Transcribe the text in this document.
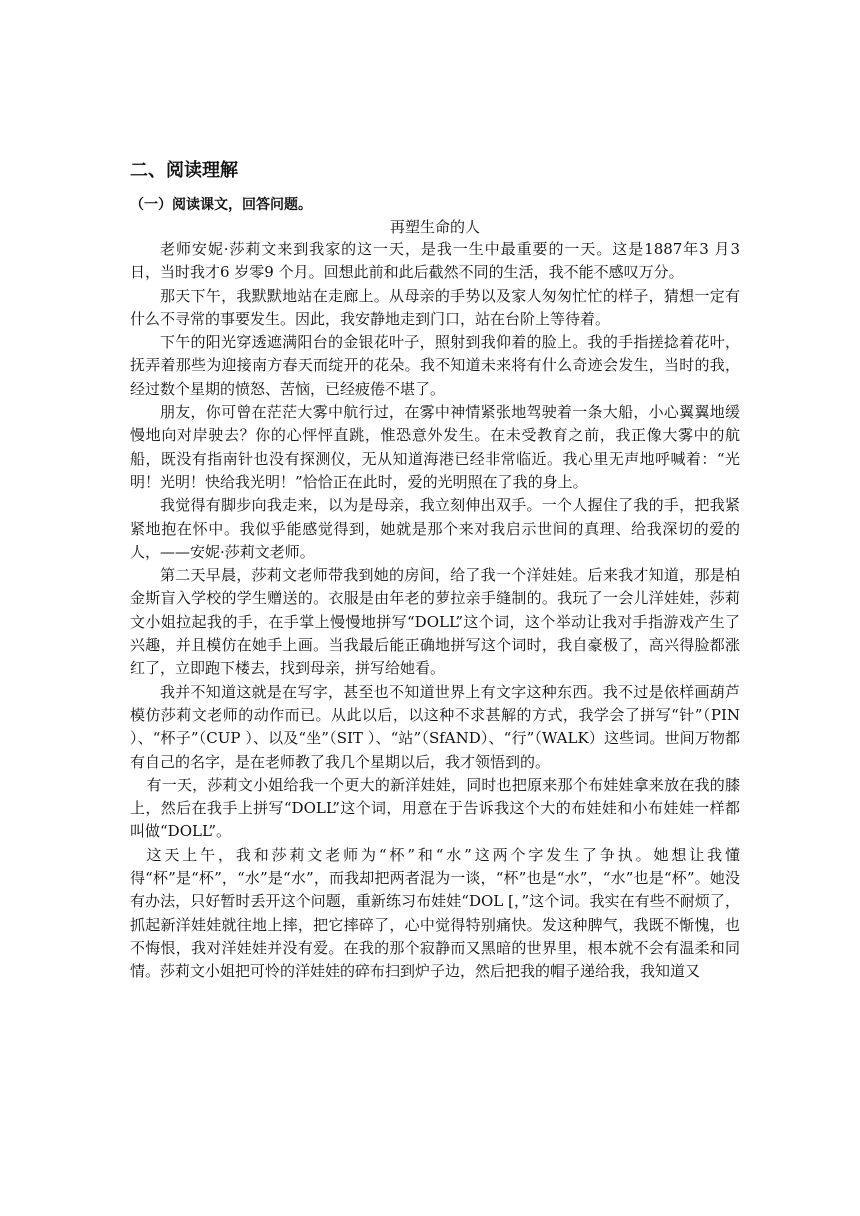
二、阅读理解

（一）阅读课文，回答问题。

再塑生命的人

老师安妮·莎莉文来到我家的这一天，是我一生中最重要的一天。这是1887年3 月3 日，当时我才6 岁零9 个月。回想此前和此后截然不同的生活，我不能不感叹万分。

那天下午，我默默地站在走廊上。从母亲的手势以及家人匆匆忙忙的样子，猜想一定有什么不寻常的事要发生。因此，我安静地走到门口，站在台阶上等待着。

下午的阳光穿透遮满阳台的金银花叶子，照射到我仰着的脸上。我的手指搓捻着花叶，抚弄着那些为迎接南方春天而绽开的花朵。我不知道未来将有什么奇迹会发生，当时的我，经过数个星期的愤怒、苦恼，已经疲倦不堪了。

朋友，你可曾在茫茫大雾中航行过，在雾中神情紧张地驾驶着一条大船，小心翼翼地缓慢地向对岸驶去？你的心怦怦直跳，惟恐意外发生。在未受教育之前，我正像大雾中的航船，既没有指南针也没有探测仪，无从知道海港已经非常临近。我心里无声地呼喊着：“光明！光明！快给我光明！”恰恰正在此时，爱的光明照在了我的身上。

我觉得有脚步向我走来，以为是母亲，我立刻伸出双手。一个人握住了我的手，把我紧紧地抱在怀中。我似乎能感觉得到，她就是那个来对我启示世间的真理、给我深切的爱的人，——安妮·莎莉文老师。

第二天早晨，莎莉文老师带我到她的房间，给了我一个洋娃娃。后来我才知道，那是柏金斯盲入学校的学生赠送的。衣服是由年老的萝拉亲手缝制的。我玩了一会儿洋娃娃，莎莉文小姐拉起我的手，在手掌上慢慢地拼写“DOLL”这个词，这个举动让我对手指游戏产生了兴趣，并且模仿在她手上画。当我最后能正确地拼写这个词时，我自豪极了，高兴得脸都涨红了，立即跑下楼去，找到母亲，拼写给她看。

我并不知道这就是在写字，甚至也不知道世界上有文字这种东西。我不过是依样画葫芦模仿莎莉文老师的动作而已。从此以后，以这种不求甚解的方式，我学会了拼写“针”（PIN ）、“杯子”（CUP ）、以及“坐”（SIT ）、“站”（SfAND）、“行”（WALK）这些词。世间万物都有自己的名字，是在老师教了我几个星期以后，我才领悟到的。

有一天，莎莉文小姐给我一个更大的新洋娃娃，同时也把原来那个布娃娃拿来放在我的膝上，然后在我手上拼写“DOLL”这个词，用意在于告诉我这个大的布娃娃和小布娃娃一样都叫做“DOLL”。

这天上午，我和莎莉文老师为“杯”和“水”这两个字发生了争执。她想让我懂得“杯”是“杯”，“水”是“水”，而我却把两者混为一谈，“杯”也是“水”，“水”也是“杯”。她没有办法，只好暂时丢开这个问题，重新练习布娃娃“DOL [，”这个词。我实在有些不耐烦了，抓起新洋娃娃就往地上摔，把它摔碎了，心中觉得特别痛快。发这种脾气，我既不惭愧，也不悔恨，我对洋娃娃并没有爱。在我的那个寂静而又黑暗的世界里，根本就不会有温柔和同情。莎莉文小姐把可怜的洋娃娃的碎布扫到炉子边，然后把我的帽子递给我，我知道又
